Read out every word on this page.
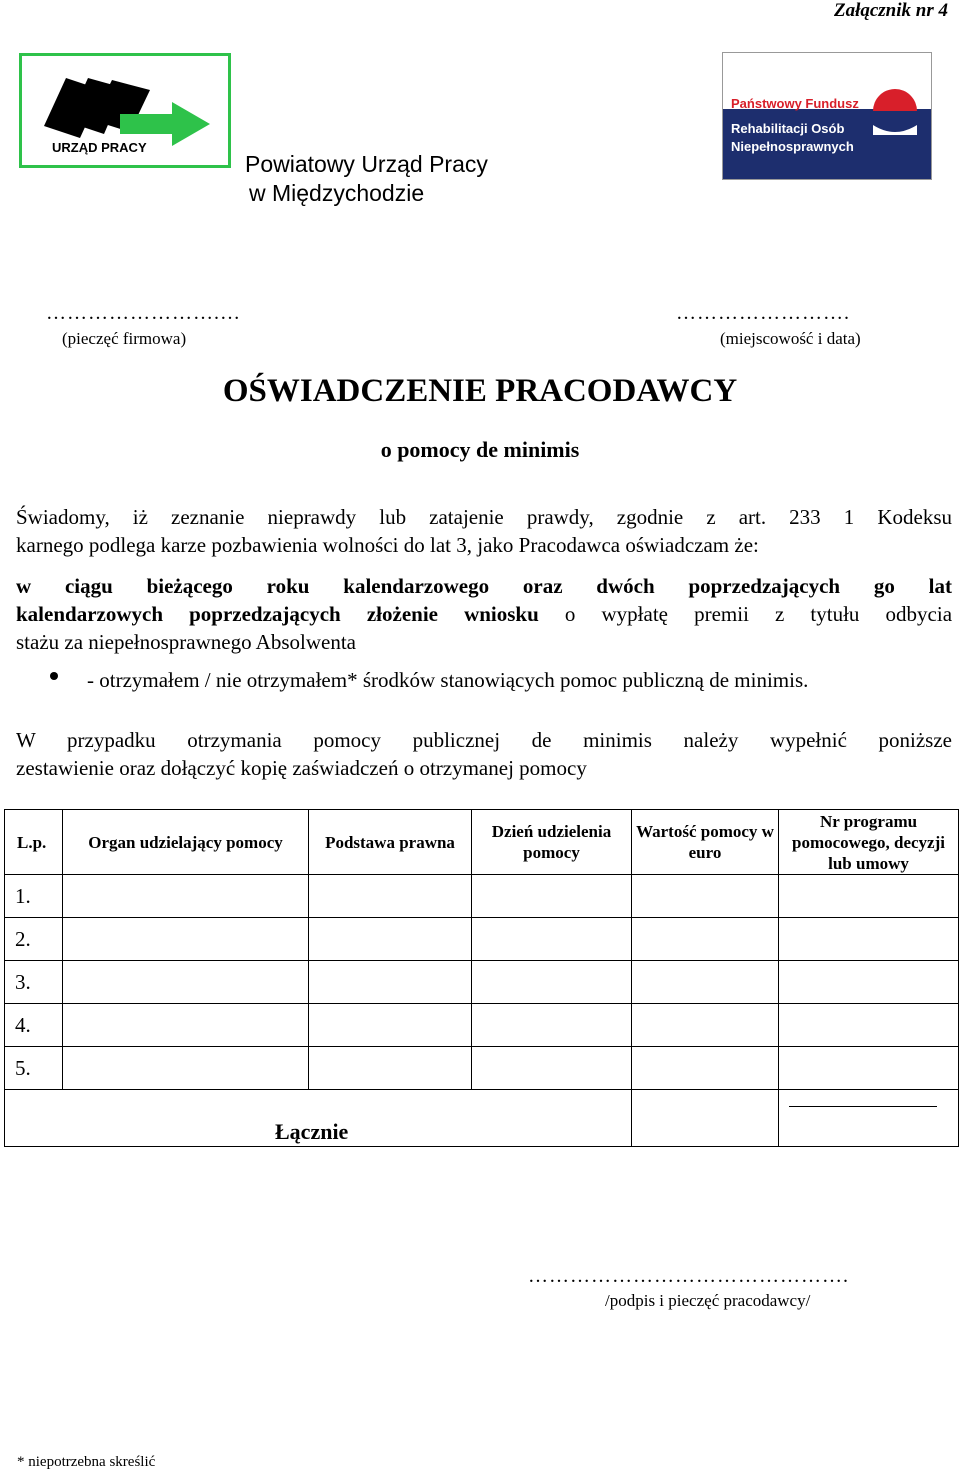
Załącznik nr 4
URZĄD PRACY
Państwowy Fundusz
Rehabilitacji Osób
Niepełnosprawnych
Powiatowy Urząd Pracy
w Międzychodzie
…………………….…
(pieczęć firmowa)
…………………….
(miejscowość i data)
OŚWIADCZENIE PRACODAWCY
o pomocy de minimis
Świadomy, iż zeznanie nieprawdy lub zatajenie prawdy, zgodnie z art. 233 1 Kodeksu
karnego podlega karze pozbawienia wolności do lat 3, jako Pracodawca oświadczam że:
w ciągu bieżącego roku kalendarzowego oraz dwóch poprzedzających go lat
kalendarzowych poprzedzających złożenie wniosku o wypłatę premii z tytułu odbycia
stażu za niepełnosprawnego Absolwenta
- otrzymałem / nie otrzymałem* środków stanowiących pomoc publiczną de minimis.
W przypadku otrzymania pomocy publicznej de minimis należy wypełnić poniższe
zestawienie oraz dołączyć kopię zaświadczeń o otrzymanej pomocy
L.p.	Organ udzielający pomocy	Podstawa prawna	Dzień udzielenia pomocy	Wartość pomocy w euro	Nr programu pomocowego, decyzji lub umowy
1.					
2.					
3.					
4.					
5.					
Łącznie					
……………………………………….
/podpis i pieczęć pracodawcy/
* niepotrzebna skreślić
